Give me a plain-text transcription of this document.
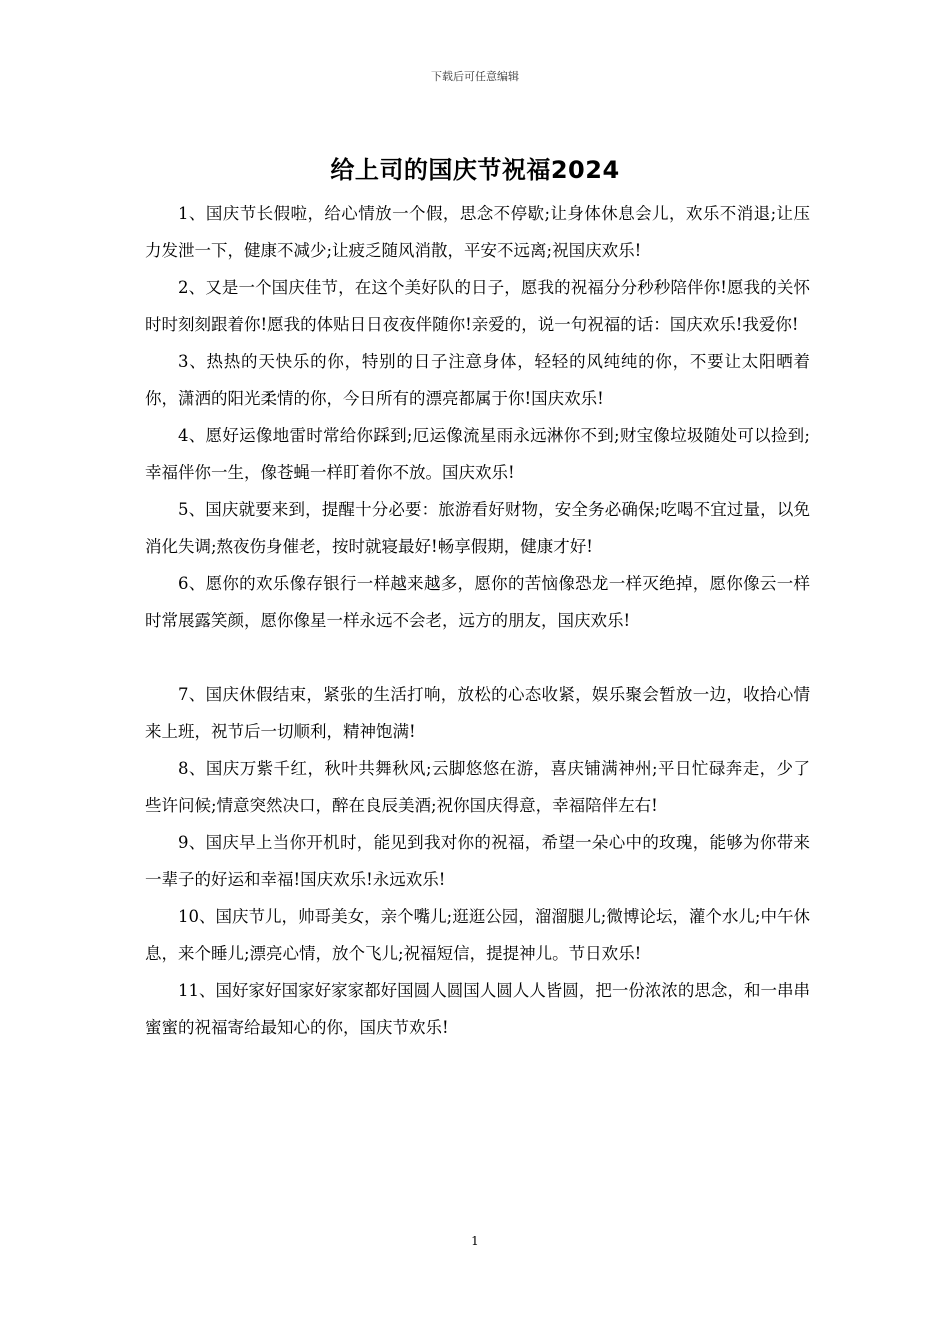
下载后可任意编辑
给上司的国庆节祝福2024

1、国庆节长假啦，给心情放一个假，思念不停歇;让身体休息会儿，欢乐不消退;让压力发泄一下，健康不减少;让疲乏随风消散，平安不远离;祝国庆欢乐!

2、又是一个国庆佳节，在这个美好队的日子，愿我的祝福分分秒秒陪伴你!愿我的关怀时时刻刻跟着你!愿我的体贴日日夜夜伴随你!亲爱的，说一句祝福的话：国庆欢乐!我爱你!

3、热热的天快乐的你，特别的日子注意身体，轻轻的风纯纯的你，不要让太阳晒着你，潇洒的阳光柔情的你，今日所有的漂亮都属于你!国庆欢乐!

4、愿好运像地雷时常给你踩到;厄运像流星雨永远淋你不到;财宝像垃圾随处可以捡到;幸福伴你一生，像苍蝇一样盯着你不放。国庆欢乐!

5、国庆就要来到，提醒十分必要：旅游看好财物，安全务必确保;吃喝不宜过量，以免消化失调;熬夜伤身催老，按时就寝最好!畅享假期，健康才好!

6、愿你的欢乐像存银行一样越来越多，愿你的苦恼像恐龙一样灭绝掉，愿你像云一样时常展露笑颜，愿你像星一样永远不会老，远方的朋友，国庆欢乐!

7、国庆休假结束，紧张的生活打响，放松的心态收紧，娱乐聚会暂放一边，收拾心情来上班，祝节后一切顺利，精神饱满!

8、国庆万紫千红，秋叶共舞秋风;云脚悠悠在游，喜庆铺满神州;平日忙碌奔走，少了些许问候;情意突然决口，醉在良辰美酒;祝你国庆得意，幸福陪伴左右!

9、国庆早上当你开机时，能见到我对你的祝福，希望一朵心中的玫瑰，能够为你带来一辈子的好运和幸福!国庆欢乐!永远欢乐!

10、国庆节儿，帅哥美女，亲个嘴儿;逛逛公园，溜溜腿儿;微博论坛，灌个水儿;中午休息，来个睡儿;漂亮心情，放个飞儿;祝福短信，提提神儿。节日欢乐!

11、国好家好国家好家家都好国圆人圆国人圆人人皆圆，把一份浓浓的思念，和一串串蜜蜜的祝福寄给最知心的你，国庆节欢乐!

1
